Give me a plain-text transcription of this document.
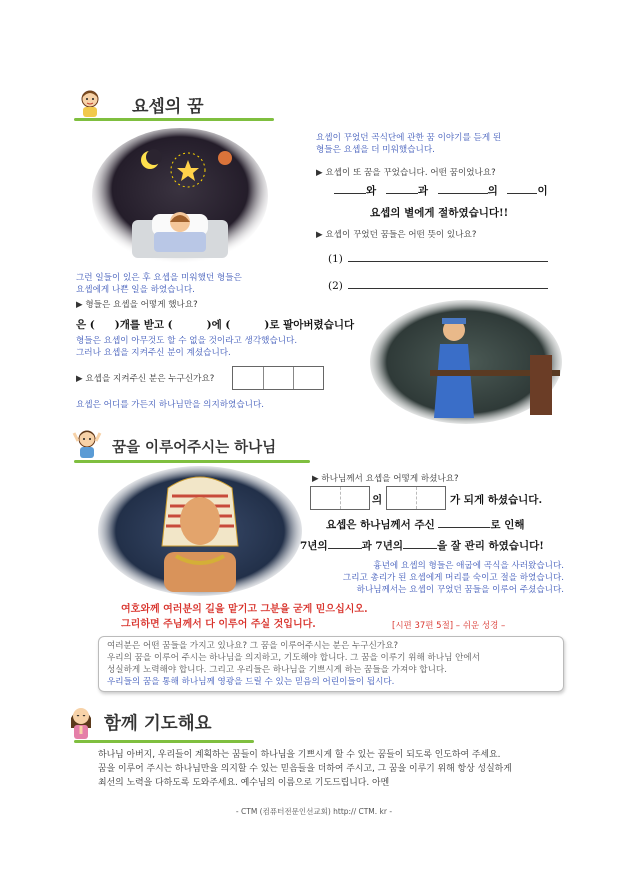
요셉의 꿈
요셉이 꾸었던 곡식단에 관한 꿈 이야기를 듣게 된
형들은 요셉을 더 미워했습니다.
▶ 요셉이 또 꿈을 꾸었습니다. 어떤 꿈이었나요?
와	과	의	이
요셉의 별에게 절하였습니다!!
▶ 요셉이 꾸었던 꿈들은 어떤 뜻이 있나요?
(1)
(2)
그런 일들이 있은 후 요셉을 미워했던 형들은
요셉에게 나쁜 일을 하였습니다.
▶ 형들은 요셉을 어떻게 했나요?
은 ( )개를 받고 (	)에 (	)로 팔아버렸습니다
형들은 요셉이 아무것도 할 수 없을 것이라고 생각했습니다.
그러나 요셉을 지켜주신 분이 계셨습니다.
▶ 요셉을 지켜주신 분은 누구신가요?
요셉은 어디를 가든지 하나님만을 의지하였습니다.
꿈을 이루어주시는 하나님
▶ 하나님께서 요셉을 어떻게 하셨나요?
의	가 되게 하셨습니다.
요셉은 하나님께서 주신	로 인해
7년의	과 7년의	을 잘 관리 하였습니다!
흉년에 요셉의 형들은 애굽에 곡식을 사러왔습니다.
그리고 총리가 된 요셉에게 머리를 숙이고 절을 하였습니다.
하나님께서는 요셉이 꾸었던 꿈들을 이루어 주셨습니다.
여호와께 여러분의 길을 맡기고 그분을 굳게 믿으십시오.
그리하면 주님께서 다 이루어 주실 것입니다.	[시편 37편 5절] – 쉬운 성경 –
여러분은 어떤 꿈들을 가지고 있나요? 그 꿈을 이루어주시는 분은 누구신가요?
우리의 꿈을 이루어 주시는 하나님을 의지하고, 기도해야 합니다. 그 꿈을 이루기 위해 하나님 안에서
성실하게 노력해야 합니다. 그리고 우리들은 하나님을 기쁘시게 하는 꿈들을 가져야 합니다.
우리들의 꿈을 통해 하나님께 영광을 드릴 수 있는 믿음의 어린이들이 됩시다.
함께 기도해요
하나님 아버지, 우리들이 계획하는 꿈들이 하나님을 기쁘시게 할 수 있는 꿈들이 되도록 인도하여 주세요.
꿈을 이루어 주시는 하나님만을 의지할 수 있는 믿음들을 더하여 주시고, 그 꿈을 이루기 위해 항상 성실하게
최선의 노력을 다하도록 도와주세요. 예수님의 이름으로 기도드립니다. 아멘
- CTM (컴퓨터전문인선교회) http:// CTM. kr -
